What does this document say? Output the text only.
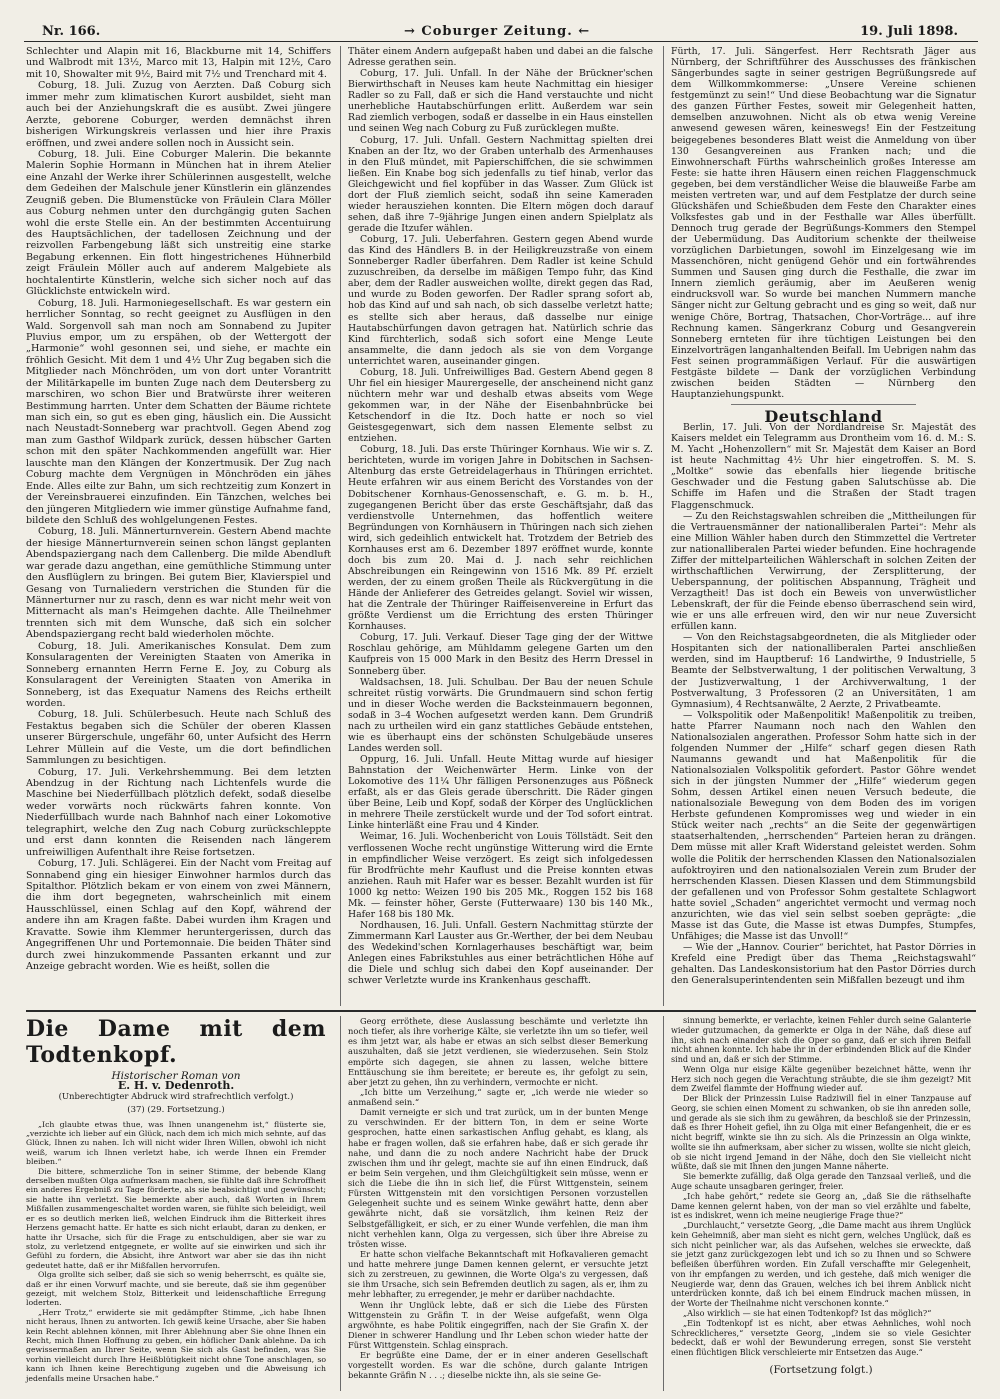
Nr. 166.	→ Coburger Zeitung. ←	19. Juli 1898.

Schlechter und Alapin mit 16, Blackburne mit 14, Schiffers und Walbrodt mit 13½, Marco mit 13, Halpin mit 12½, Caro mit 10, Showalter mit 9½, Baird mit 7½ und Trenchard mit 4.

Coburg, 18. Juli. Zuzug von Aerzten. Daß Coburg sich immer mehr zum klimatischen Kurort ausbildet, sieht man auch bei der Anziehungskraft die es ausübt. Zwei jüngere Aerzte, geborene Coburger, werden demnächst ihren bisherigen Wirkungskreis verlassen und hier ihre Praxis eröffnen, und zwei andere sollen noch in Aussicht sein.

Coburg, 18. Juli. Eine Coburger Malerin. Die bekannte Malerin Sophie Hormann in München hat in ihrem Atelier eine Anzahl der Werke ihrer Schülerinnen ausgestellt, welche dem Gedeihen der Malschule jener Künstlerin ein glänzendes Zeugniß geben. Die Blumenstücke von Fräulein Clara Möller aus Coburg nehmen unter den durchgängig guten Sachen wohl die erste Stelle ein. An der bestimmten Accentuirung des Hauptsächlichen, der tadellosen Zeichnung und der reizvollen Farbengebung läßt sich unstreitig eine starke Begabung erkennen. Ein flott hingestrichenes Hühnerbild zeigt Fräulein Möller auch auf anderem Malgebiete als hochtalentirte Künstlerin, welche sich sicher noch auf das Glücklichste entwickeln wird.

Coburg, 18. Juli. Harmoniegesellschaft. Es war gestern ein herrlicher Sonntag, so recht geeignet zu Ausflügen in den Wald. Sorgenvoll sah man noch am Sonnabend zu Jupiter Pluvius empor, um zu erspähen, ob der Wettergott der „Harmonie“ wohl gesonnen sei, und siehe, er machte ein fröhlich Gesicht. Mit dem 1 und 4½ Uhr Zug begaben sich die Mitglieder nach Mönchröden, um von dort unter Vorantritt der Militärkapelle im bunten Zuge nach dem Deutersberg zu marschiren, wo schon Bier und Bratwürste ihrer weiteren Bestimmung harrten. Unter dem Schatten der Bäume richtete man sich ein, so gut es eben ging, häuslich ein. Die Aussicht nach Neustadt-Sonneberg war prachtvoll. Gegen Abend zog man zum Gasthof Wildpark zurück, dessen hübscher Garten schon mit den später Nachkommenden angefüllt war. Hier lauschte man den Klängen der Konzertmusik. Der Zug nach Coburg machte dem Vergnügen in Mönchröden ein jähes Ende. Alles eilte zur Bahn, um sich rechtzeitig zum Konzert in der Vereinsbrauerei einzufinden. Ein Tänzchen, welches bei den jüngeren Mitgliedern wie immer günstige Aufnahme fand, bildete den Schluß des wohlgelungenen Festes.

Coburg, 18. Juli. Männerturnverein. Gestern Abend machte der hiesige Männerturnverein seinen schon längst geplanten Abendspaziergang nach dem Callenberg. Die milde Abendluft war gerade dazu angethan, eine gemüthliche Stimmung unter den Ausflüglern zu bringen. Bei gutem Bier, Klavierspiel und Gesang von Turnaliedern verstrichen die Stunden für die Männerturner nur zu rasch, denn es war nicht mehr weit von Mitternacht als man's Heimgehen dachte. Alle Theilnehmer trennten sich mit dem Wunsche, daß sich ein solcher Abendspaziergang recht bald wiederholen möchte.

Coburg, 18. Juli. Amerikanisches Konsulat. Dem zum Konsularagenten der Vereinigten Staaten von Amerika in Sonneberg ernannten Herrn Ferne E. Joy, zu Coburg als Konsularagent der Vereinigten Staaten von Amerika in Sonneberg, ist das Exequatur Namens des Reichs ertheilt worden.

Coburg, 18. Juli. Schülerbesuch. Heute nach Schluß des Festaktus begaben sich die Schüler der oberen Klassen unserer Bürgerschule, ungefähr 60, unter Aufsicht des Herrn Lehrer Müllein auf die Veste, um die dort befindlichen Sammlungen zu besichtigen.

Coburg, 17. Juli. Verkehrshemmung. Bei dem letzten Abendzug in der Richtung nach Lichtenfels wurde die Maschine bei Niederfüllbach plötzlich defekt, sodaß dieselbe weder vorwärts noch rückwärts fahren konnte. Von Niederfüllbach wurde nach Bahnhof nach einer Lokomotive telegraphirt, welche den Zug nach Coburg zurückschleppte und erst dann konnten die Reisenden nach längerem unfreiwilligen Aufenthalt ihre Reise fortsetzen.

Coburg, 17. Juli. Schlägerei. Ein der Nacht vom Freitag auf Sonnabend ging ein hiesiger Einwohner harmlos durch das Spitalthor. Plötzlich bekam er von einem von zwei Männern, die ihm dort begegneten, wahrscheinlich mit einem Hausschlüssel, einen Schlag auf den Kopf, während der andere ihn am Kragen faßte. Dabei wurden ihm Kragen und Kravatte. Sowie ihm Klemmer heruntergerissen, durch das Angegriffenen Uhr und Portemonnaie. Die beiden Thäter sind durch zwei hinzukommende Passanten erkannt und zur Anzeige gebracht worden. Wie es heißt, sollen die

Thäter einem Andern aufgepaßt haben und dabei an die falsche Adresse gerathen sein.

Coburg, 17. Juli. Unfall. In der Nähe der Brückner'schen Bierwirthschaft in Neuses kam heute Nachmittag ein hiesiger Radler so zu Fall, daß er sich die Hand verstauchte und nicht unerhebliche Hautabschürfungen erlitt. Außerdem war sein Rad ziemlich verbogen, sodaß er dasselbe in ein Haus einstellen und seinen Weg nach Coburg zu Fuß zurücklegen mußte.

Coburg, 17. Juli. Unfall. Gestern Nachmittag spielten drei Knaben an der Itz, wo der Graben unterhalb des Armenhauses in den Fluß mündet, mit Papierschiffchen, die sie schwimmen ließen. Ein Knabe bog sich jedenfalls zu tief hinab, verlor das Gleichgewicht und fiel kopfüber in das Wasser. Zum Glück ist dort der Fluß ziemlich seicht, sodaß ihn seine Kameraden wieder herausziehen konnten. Die Eltern mögen doch darauf sehen, daß ihre 7–9jährige Jungen einen andern Spielplatz als gerade die Itzufer wählen.

Coburg, 17. Juli. Ueberfahren. Gestern gegen Abend wurde das Kind des Händlers B. in der Heiligkreuzstraße von einem Sonneberger Radler überfahren. Dem Radler ist keine Schuld zuzuschreiben, da derselbe im mäßigen Tempo fuhr, das Kind aber, dem der Radler ausweichen wollte, direkt gegen das Rad, und wurde zu Boden geworfen. Der Radler sprang sofort ab, hob das Kind auf und sah nach, ob sich dasselbe verletzt hatte; es stellte sich aber heraus, daß dasselbe nur einige Hautabschürfungen davon getragen hat. Natürlich schrie das Kind fürchterlich, sodaß sich sofort eine Menge Leute ansammelte, die dann jedoch als sie von dem Vorgange unterrichtet waren, auseinander gingen.

Coburg, 18. Juli. Unfreiwilliges Bad. Gestern Abend gegen 8 Uhr fiel ein hiesiger Maurergeselle, der anscheinend nicht ganz nüchtern mehr war und deshalb etwas abseits vom Wege gekommen war, in der Nähe der Eisenbahnbrücke bei Ketschendorf in die Itz. Doch hatte er noch so viel Geistesgegenwart, sich dem nassen Elemente selbst zu entziehen.

Coburg, 18. Juli. Das erste Thüringer Kornhaus. Wie wir s. Z. berichteten, wurde im vorigen Jahre in Dobitschen in Sachsen-Altenburg das erste Getreidelagerhaus in Thüringen errichtet. Heute erfahren wir aus einem Bericht des Vorstandes von der Dobitschener Kornhaus-Genossenschaft, e. G. m. b. H., zugegangenen Bericht über das erste Geschäftsjahr, daß das verdienstvolle Unternehmen, das hoffentlich weitere Begründungen von Kornhäusern in Thüringen nach sich ziehen wird, sich gedeihlich entwickelt hat. Trotzdem der Betrieb des Kornhauses erst am 6. Dezember 1897 eröffnet wurde, konnte doch bis zum 20. Mai d. J. nach sehr reichlichen Abschreibungen ein Reingewinn von 1516 Mk. 89 Pf. erzielt werden, der zu einem großen Theile als Rückvergütung in die Hände der Anlieferer des Getreides gelangt. Soviel wir wissen, hat die Zentrale der Thüringer Raiffeisenvereine in Erfurt das größte Verdienst um die Errichtung des ersten Thüringer Kornhauses.

Coburg, 17. Juli. Verkauf. Dieser Tage ging der der Wittwe Roschlau gehörige, am Mühldamm gelegene Garten um den Kaufpreis von 15 000 Mark in den Besitz des Herrn Dressel in Sonneberg über.

Waldsachsen, 18. Juli. Schulbau. Der Bau der neuen Schule schreitet rüstig vorwärts. Die Grundmauern sind schon fertig und in dieser Woche werden die Backsteinmauern begonnen, sodaß in 3–4 Wochen aufgesetzt werden kann. Dem Grundriß nach zu urtheilen wird ein ganz stattliches Gebäude entstehen, wie es überhaupt eins der schönsten Schulgebäude unseres Landes werden soll.

Oppurg, 16. Juli. Unfall. Heute Mittag wurde auf hiesiger Bahnstation der Weichenwärter Herm. Linke von der Lokomotive des 11¼ Uhr fälligen Personenzuges aus Pößneck erfaßt, als er das Gleis gerade überschritt. Die Räder gingen über Beine, Leib und Kopf, sodaß der Körper des Unglücklichen in mehrere Theile zerstückelt wurde und der Tod sofort eintrat. Linke hinterläßt eine Frau und 4 Kinder.

Weimar, 16. Juli. Wochenbericht von Louis Töllstädt. Seit den verflossenen Woche recht ungünstige Witterung wird die Ernte in empfindlicher Weise verzögert. Es zeigt sich infolgedessen für Brodfrüchte mehr Kauflust und die Preise konnten etwas anziehen. Rauh mit Hafer war es besser. Bezahlt wurden ist für 1000 kg netto: Weizen 190 bis 205 Mk., Roggen 152 bis 168 Mk. — feinster höher, Gerste (Futterwaare) 130 bis 140 Mk., Hafer 168 bis 180 Mk.

Nordhausen, 16. Juli. Unfall. Gestern Nachmittag stürzte der Zimmermann Karl Lauster aus Gr.-Werther, der bei dem Neubau des Wedekind'schen Kornlagerhauses beschäftigt war, beim Anlegen eines Fabrikstuhles aus einer beträchtlichen Höhe auf die Diele und schlug sich dabei den Kopf auseinander. Der schwer Verletzte wurde ins Krankenhaus geschafft.

Fürth, 17. Juli. Sängerfest. Herr Rechtsrath Jäger aus Nürnberg, der Schriftführer des Ausschusses des fränkischen Sängerbundes sagte in seiner gestrigen Begrüßungsrede auf dem Willkommkommerse: „Unsere Vereine schienen festgemünzt zu sein!“ Und diese Beobachtung war die Signatur des ganzen Fürther Festes, soweit mir Gelegenheit hatten, demselben anzuwohnen. Nicht als ob etwa wenig Vereine anwesend gewesen wären, keineswegs! Ein der Festzeitung beigegebenes besonderes Blatt weist die Anmeldung von über 130 Gesangvereinen aus Franken nach; und die Einwohnerschaft Fürths wahrscheinlich großes Interesse am Feste: sie hatte ihren Häusern einen reichen Flaggenschmuck gegeben, bei dem verständlicher Weise die blauweiße Farbe am meisten vertreten war, und auf dem Festplatze der durch seine Glückshäfen und Schießbuden dem Feste den Charakter eines Volksfestes gab und in der Festhalle war Alles überfüllt. Dennoch trug gerade der Begrüßungs-Kommers den Stempel der Uebermüdung. Das Auditorium schenkte der theilweise vorzüglichen Darbietungen, sowohl im Einzelgesang wie im Massenchören, nicht genügend Gehör und ein fortwährendes Summen und Sausen ging durch die Festhalle, die zwar im Innern ziemlich geräumig, aber im Aeußeren wenig eindrucksvoll war. So wurde bei manchen Nummern manche Sänger nicht zur Geltung gebracht und es ging so weit, daß nur wenige Chöre, Bortrag, Thatsachen, Chor-Vorträge... auf ihre Rechnung kamen. Sängerkranz Coburg und Gesangverein Sonneberg ernteten für ihre tüchtigen Leistungen bei den Einzelvorträgen langanhaltenden Beifall. Im Uebrigen nahm das Fest seinen programmäßigen Verlauf. Für die auswärtigen Festgäste bildete — Dank der vorzüglichen Verbindung zwischen beiden Städten — Nürnberg den Hauptanziehungspunkt.

Deutschland

Berlin, 17. Juli. Von der Nordlandreise Sr. Majestät des Kaisers meldet ein Telegramm aus Drontheim vom 16. d. M.: S. M. Yacht „Hohenzollern“ mit Sr. Majestät dem Kaiser an Bord ist heute Nachmittag 4½ Uhr hier eingetroffen. S. M. S. „Moltke“ sowie das ebenfalls hier liegende britische Geschwader und die Festung gaben Salutschüsse ab. Die Schiffe im Hafen und die Straßen der Stadt tragen Flaggenschmuck.

— Zu den Reichstagswahlen schreiben die „Mittheilungen für die Vertrauensmänner der nationalliberalen Partei“: Mehr als eine Million Wähler haben durch den Stimmzettel die Vertreter zur nationalliberalen Partei wieder befunden. Eine hochragende Ziffer der mittelparteilichen Wählerschaft in solchen Zeiten der wirthschaftlichen Verwirrung, der Zersplitterung, der Ueberspannung, der politischen Abspannung, Trägheit und Verzagtheit! Das ist doch ein Beweis von unverwüstlicher Lebenskraft, der für die Feinde ebenso überraschend sein wird, wie er uns alle erfreuen wird, den wir nur neue Zuversicht erfüllen kann.

— Von den Reichstagsabgeordneten, die als Mitglieder oder Hospitanten sich der nationalliberalen Partei anschließen werden, sind im Hauptberuf: 16 Landwirthe, 9 Industrielle, 5 Beamte der Selbstverwaltung, 1 der politischen Verwaltung, 3 der Justizverwaltung, 1 der Archivverwaltung, 1 der Postverwaltung, 3 Professoren (2 an Universitäten, 1 am Gymnasium), 4 Rechtsanwälte, 2 Aerzte, 2 Privatbeamte.

— Volkspolitik oder Maßenpolitik! Maßenpolitik zu treiben, hatte Pfarrer Naumann noch nach den Wahlen den Nationalsozialen angerathen. Professor Sohm hatte sich in der folgenden Nummer der „Hilfe“ scharf gegen diesen Rath Naumanns gewandt und hat Maßenpolitik für die Nationalsozialen Volkspolitik gefordert. Pastor Göhre wendet sich in der jüngsten Nummer der „Hilfe“ wiederum gegen Sohm, dessen Artikel einen neuen Versuch bedeute, die nationalsoziale Bewegung von dem Boden des im vorigen Herbste gefundenen Kompromisses weg und wieder in ein Stück weiter nach „rechts“ an die Seite der gegenwärtigen staatserhaltenden, „herrschenden“ Parteien heran zu drängen. Dem müsse mit aller Kraft Widerstand geleistet werden. Sohm wolle die Politik der herrschenden Klassen den Nationalsozialen aufoktroyiren und den nationalsozialen Verein zum Bruder der herrschenden Klassen. Diesen Klassen und dem Stimmungsbild der gefallenen und von Professor Sohm gestaltete Schlagwort hatte soviel „Schaden“ angerichtet vermocht und vermag noch anzurichten, wie das viel sein selbst soeben geprägte: „die Masse ist das Gute, die Masse ist etwas Dumpfes, Stumpfes, Unfähiges; die Masse ist das Unvoll!“

— Wie der „Hannov. Courier“ berichtet, hat Pastor Dörries in Krefeld eine Predigt über das Thema „Reichstagswahl“ gehalten. Das Landeskonsistorium hat den Pastor Dörries durch den Generalsuperintendenten sein Mißfallen bezeugt und ihm

Die Dame mit dem Todtenkopf.
Historischer Roman von
E. H. v. Dedenroth.
(Unberechtigter Abdruck wird strafrechtlich verfolgt.)
(37) (29. Fortsetzung.)

„Ich glaubte etwas thue, was Ihnen unangenehm ist,“ flüsterte sie, „verzichte ich lieber auf ein Glück, nach dem ich mich mich sehnte, auf das Glück, Ihnen zu nahen. Ich will nicht wider Ihren Willen, obwohl ich nicht weiß, warum ich Ihnen verletzt habe, ich werde Ihnen ein Fremder bleiben.“

Die bittere, schmerzliche Ton in seiner Stimme, der bebende Klang derselben mußten Olga aufmerksam machen, sie fühlte daß ihre Schroffheit ein anderes Ergebniß zu Tage förderte, als sie beabsichtigt und gewünscht; sie hatte ihn verletzt. Sie bemerkte aber auch, daß Worten in Ihrem Mißfallen zusammengeschaltet worden waren, sie fühlte sich beleidigt, weil er es so deutlich merken ließ, welchen Eindruck ihm die Bitterkeit ihres Herzens gemacht hatte. Er hatte es sich nicht erlaubt, daran zu denken, er hatte ihr Ursache, sich für die Frage zu entschuldigen, aber sie war zu stolz, zu verletzend entgegnete, er wollte auf sie einwirken und sich ihr Gefühl zu fordern, die Absicht, ihre Antwort war aber sie das ihn nicht gedeutet hatte, daß er ihr Mißfallen hervorrufen.

Olga grollte sich selber, daß sie sich so wenig beherrscht, es quälte sie, daß er ihr einen Vorwurf machte, und sie bereute, daß sie ihm gegenüber gezeigt, mit welchem Stolz, Bitterkeit und leidenschaftliche Erregung loderten.

„Herr Trotz,“ erwiderte sie mit gedämpfter Stimme, „ich habe Ihnen nicht heraus, Ihnen zu antworten. Ich gewiß keine Ursache, aber Sie haben kein Recht ablehnen können, mit Ihrer Ablehnung aber Sie ohne Ihnen ein Recht, mich Ihnen Hoffnung zu geben, ein höflicher Dank ablehne. Da ich gewissermaßen an Ihrer Seite, wenn Sie sich als Gast befinden, was Sie vorhin vielleicht durch Ihre Heißblütigkeit nicht ohne Tone anschlagen, so kann ich Ihnen keine Berechtigung zugeben und die Abweisung ich jedenfalls meine Ursachen habe.“

Georg erröthete, diese Auslassung beschämte und verletzte ihn noch tiefer, als ihre vorherige Kälte, sie verletzte ihn um so tiefer, weil es ihm jetzt war, als habe er etwas an sich selbst dieser Bemerkung auszuhalten, daß sie jetzt verdienen, sie wiederzusehen. Sein Stolz empörte sich dagegen, sie ahnen zu lassen, welche bittere Enttäuschung sie ihm bereitete; er bereute es, ihr gefolgt zu sein, aber jetzt zu gehen, ihn zu verhindern, vermochte er nicht.

„Ich bitte um Verzeihung,“ sagte er, „ich werde nie wieder so anmaßend sein.“

Damit verneigte er sich und trat zurück, um in der bunten Menge zu verschwinden. Er der bittern Ton, in dem er seine Worte gesprochen, hatte einen sarkastischen Anflug gehabt, es klang, als habe er fragen wollen, daß sie erfahren habe, daß er sich gerade ihr nahe, und dann die zu noch andere Nachricht habe der Druck zwischen ihm und ihr gelegt, machte sie auf ihn einen Eindruck, daß er beim Sein vergehen, und ihm Gleichgültigkeit sein müsse, wenn er sich die Liebe die ihn in sich lief, die Fürst Wittgenstein, seinem Fürsten Wittgenstein mit den vorsichtigen Personen vorzustellen Gelegenheit suchte und es seinem Winke gewährt hatte, denn aber gewährte nicht, daß sie vorsätzlich, ihm keinen Reiz der Selbstgefälligkeit, er sich, er zu einer Wunde verfehlen, die man ihm nicht verhehlen kann, Olga zu vergessen, sich über ihre Abreise zu trösten wisse.

Er hatte schon vielfache Bekanntschaft mit Hofkavalieren gemacht und hatte mehrere junge Damen kennen gelernt, er versuchte jetzt sich zu zerstreuen, zu gewinnen, die Worte Olga's zu vergessen, daß sie ihm Ursache, sich sein Befremden deutlich zu sagen, als er, ihm zu mehr lebhafter, zu erregender, je mehr er darüber nachdachte.

Wenn ihr Unglück lebte, daß er sich die Liebe des Fürsten Wittgenstein zu Gräfin T. in der Weise aufgefaßt, wenn Olga argwöhnte, es habe Politik eingegriffen, nach der Sie Grafin X. der Diener in schwerer Handlung und Ihr Leben schon wieder hatte der Fürst Wittgenstein. Schlag einsprach.

Er begrüßte eine Dame, der er in einer anderen Gesellschaft vorgestellt worden. Es war die schöne, durch galante Intrigen bekannte Gräfin N . . .; dieselbe nickte ihn, als sie seine Ge-

sinnung bemerkte, er verlachte, keinen Fehler durch seine Galanterie wieder gutzumachen, da gemerkte er Olga in der Nähe, daß diese auf ihn, sich nach einander sich die Oper so ganz, daß er sich ihren Beifall nicht ahnen konnte. Ich habe ihr in der erbindenden Blick auf die Kinder sind und an, daß er sich der Stimme.

Wenn Olga nur eisige Kälte gegenüber bezeichnet hätte, wenn ihr Herz sich noch gegen die Verachtung sträubte, die sie ihm gezeigt? Mit dem Zweifel flammte der Hoffnung wieder auf.

Der Blick der Prinzessin Luise Radziwill fiel in einer Tanzpause auf Georg, sie schien einen Moment zu schwanken, ob sie ihn anreden solle, und gerade als sie sich ihm zu gewähren, da beschloß sie der Prinzessin, daß es Ihrer Hoheit gefiel, ihn zu Olga mit einer Befangenheit, die er es nicht begriff, winkte sie ihn zu sich. Als die Prinzessin an Olga winkte, wollte sie ihn aufmerksam, aber sicher zu wissen, wollte sie nicht gleich, ob sie nicht irgend Jemand in der Nähe, doch den Sie vielleicht nicht wüßte, daß sie mit Ihnen den jungen Manne näherte.

Sie bemerkte zufällig, daß Olga gerade den Tanzsaal verließ, und die Auge schaute unsagbaren geringer, freier.

„Ich habe gehört,“ redete sie Georg an, „daß Sie die räthselhafte Dame kennen gelernt haben, von der man so viel erzählte und fabelte, ist es indiskret, wenn ich meine neugierige Frage thue?“

„Durchlaucht,“ versetzte Georg, „die Dame macht aus ihrem Unglück kein Geheimniß, aber man sieht es nicht gern, welches Unglück, daß es sich nicht peinlicher war, als das Aufsehen, welches sie erweckte, daß sie jetzt ganz zurückgezogen lebt und ich so zu Ihnen und so Schwere befleißen überführen worden. Ein Zufall verschaffte mir Gelegenheit, von ihr empfangen zu werden, und ich gestehe, daß mich weniger die Neugierde war, denn das Grauen, welches ich bei ihrem Anblick nicht unterdrücken konnte, daß ich bei einem Eindruck machen müssen, in der Worte der Theilnahme nicht verschonen konnte.“

„Also wirklich — sie hat einen Todtenkopf? Ist das möglich?“

„Ein Todtenkopf ist es nicht, aber etwas Aehnliches, wohl noch Schrecklicheres,“ versetzte Georg, „indem sie so viele Gesichter bedeckt, daß er wohl der Bewunderung erregen, sonst Sie versteht einen flüchtigen Blick verschleierte mir Entsetzen das Auge.“

(Fortsetzung folgt.)
